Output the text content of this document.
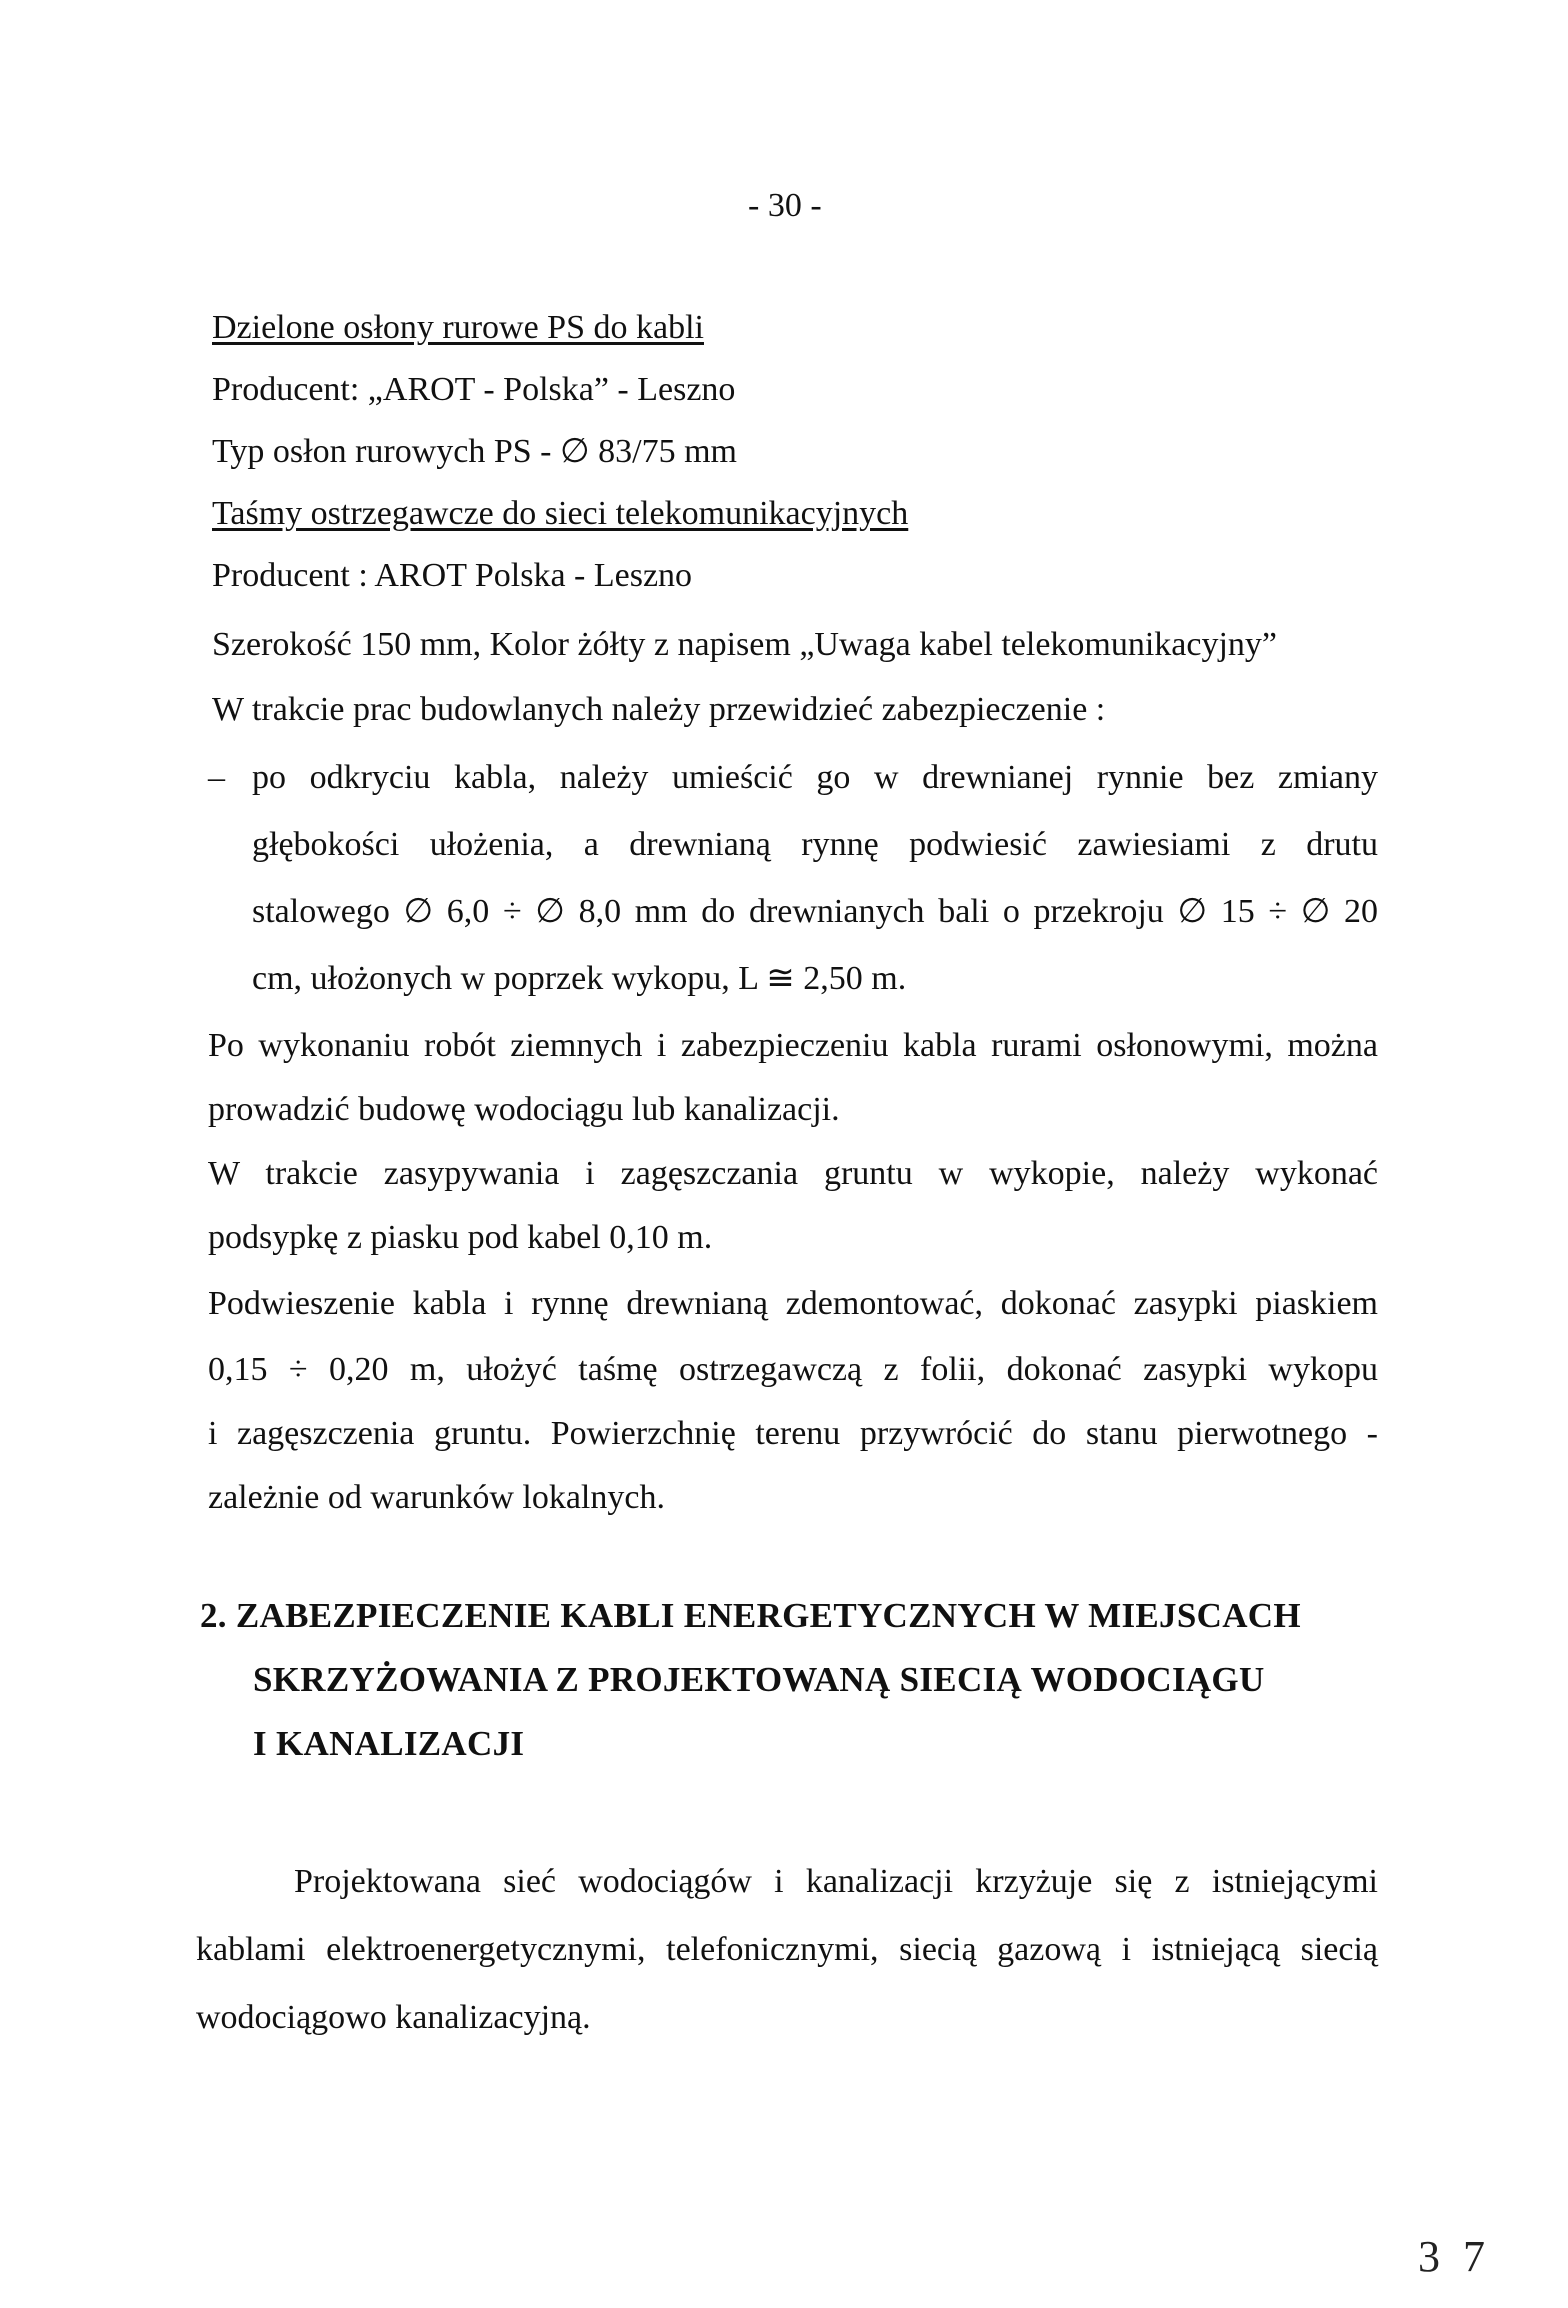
- 30 -
Dzielone osłony rurowe PS do kabli
Producent: „AROT - Polska” - Leszno
Typ osłon rurowych PS - ∅ 83/75 mm
Taśmy ostrzegawcze do sieci telekomunikacyjnych
Producent : AROT Polska - Leszno
Szerokość 150 mm, Kolor żółty z napisem „Uwaga kabel telekomunikacyjny”
W trakcie prac budowlanych należy przewidzieć zabezpieczenie :
– po odkryciu kabla, należy umieścić go w drewnianej rynnie bez zmiany
głębokości ułożenia, a drewnianą rynnę podwiesić zawiesiami z drutu
stalowego ∅ 6,0 ÷ ∅ 8,0 mm do drewnianych bali o przekroju ∅ 15 ÷ ∅ 20
cm, ułożonych w poprzek wykopu, L ≅ 2,50 m.
Po wykonaniu robót ziemnych i zabezpieczeniu kabla rurami osłonowymi, można
prowadzić budowę wodociągu lub kanalizacji.
W trakcie zasypywania i zagęszczania gruntu w wykopie, należy wykonać
podsypkę z piasku pod kabel 0,10 m.
Podwieszenie kabla i rynnę drewnianą zdemontować, dokonać zasypki piaskiem
0,15 ÷ 0,20 m, ułożyć taśmę ostrzegawczą z folii, dokonać zasypki wykopu
i zagęszczenia gruntu. Powierzchnię terenu przywrócić do stanu pierwotnego -
zależnie od warunków lokalnych.
2. ZABEZPIECZENIE KABLI ENERGETYCZNYCH W MIEJSCACH
SKRZYŻOWANIA Z PROJEKTOWANĄ SIECIĄ WODOCIĄGU
I KANALIZACJI
Projektowana sieć wodociągów i kanalizacji krzyżuje się z istniejącymi
kablami elektroenergetycznymi, telefonicznymi, siecią gazową i istniejącą siecią
wodociągowo kanalizacyjną.
3 7
